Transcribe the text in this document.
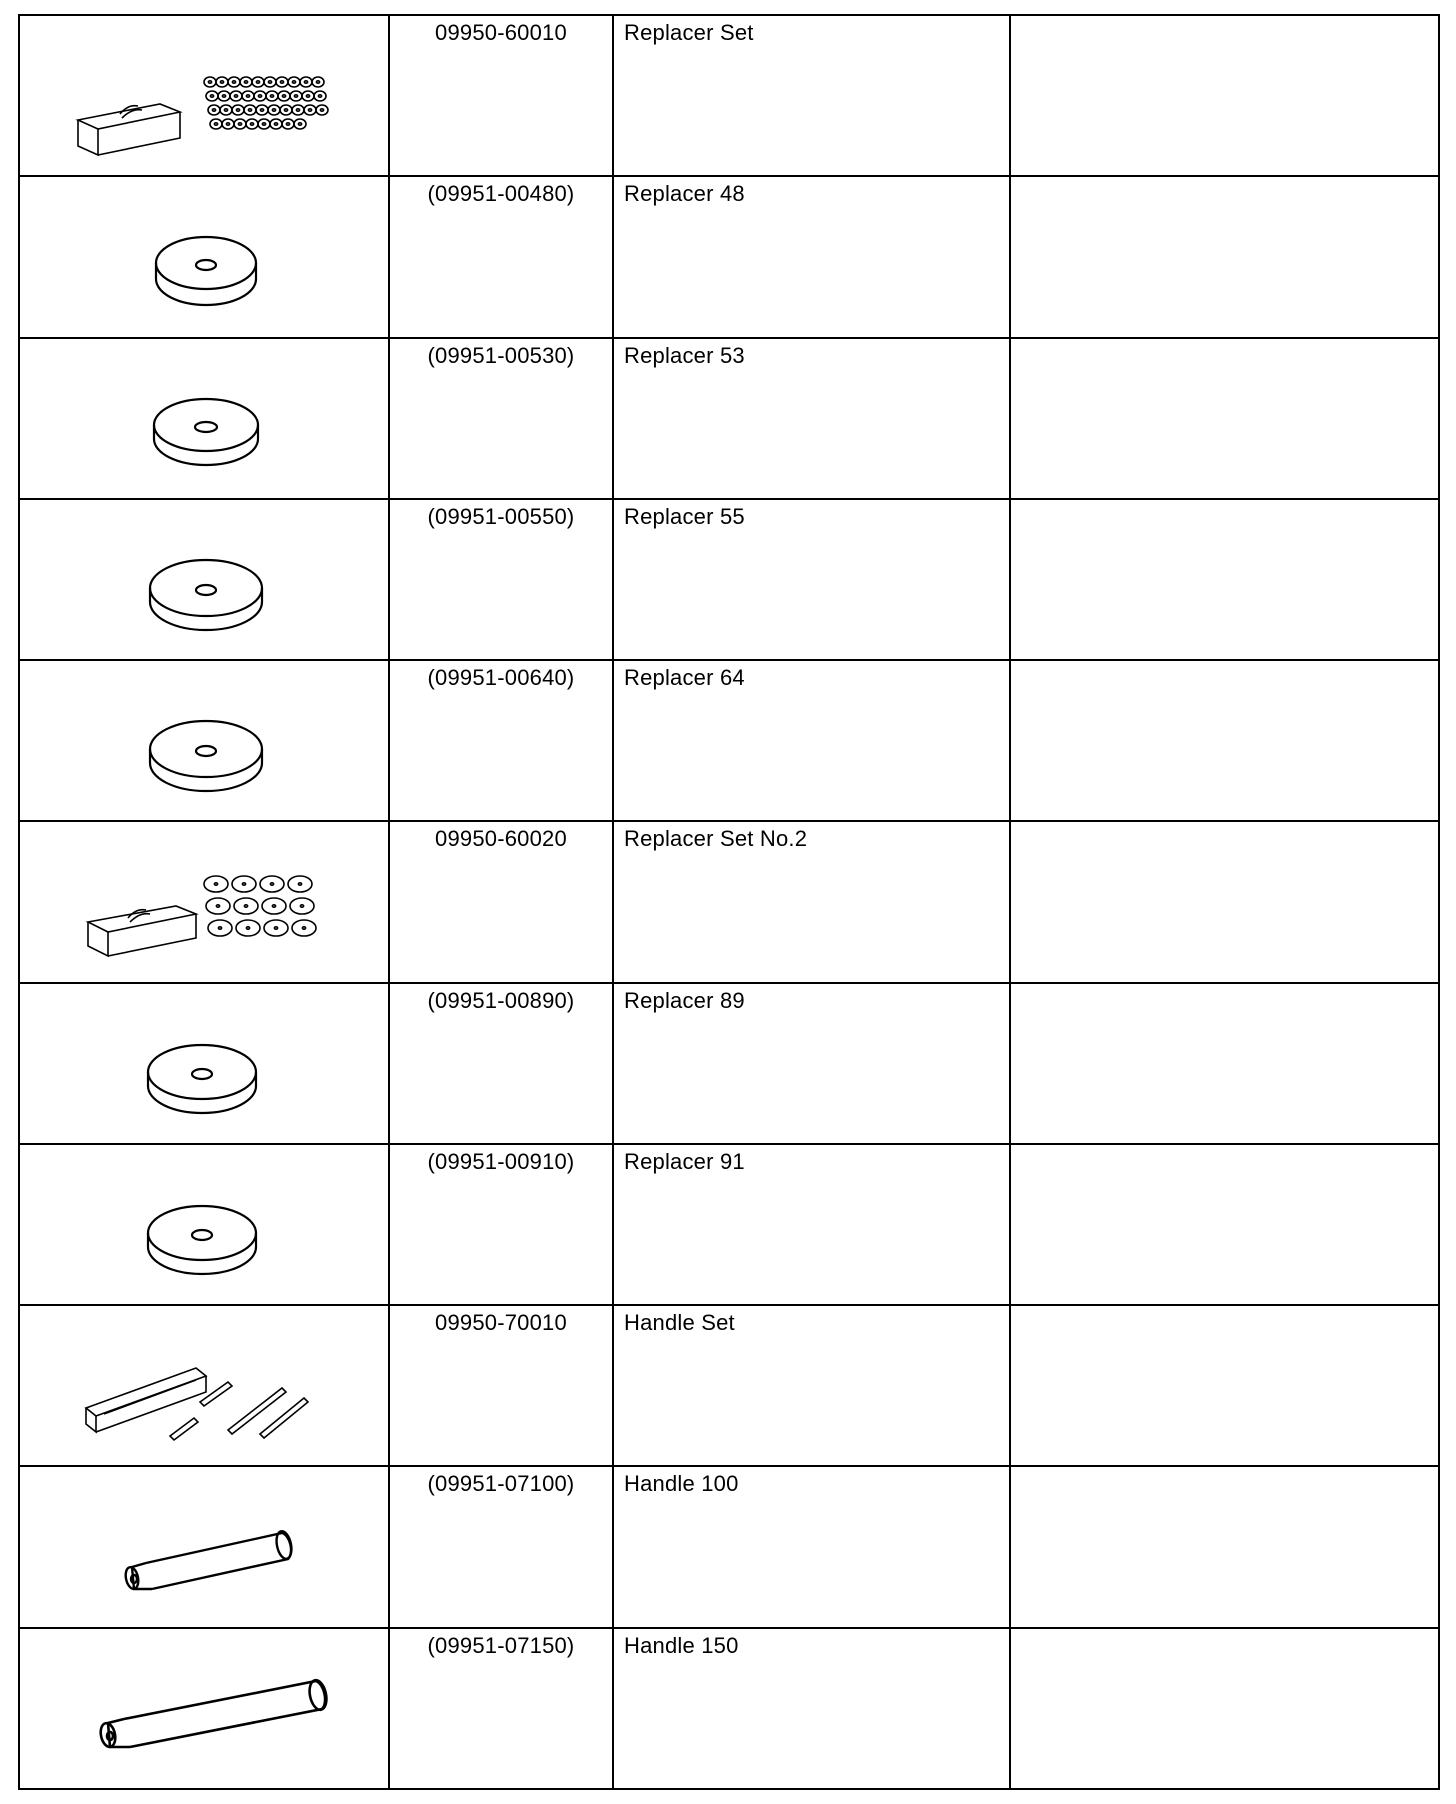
09950-60010	Replacer Set	

(09951-00480)	Replacer 48	

(09951-00530)	Replacer 53	

(09951-00550)	Replacer 55	

(09951-00640)	Replacer 64	

09950-60020	Replacer Set No.2	

(09951-00890)	Replacer 89	

(09951-00910)	Replacer 91	

09950-70010	Handle Set	

(09951-07100)	Handle 100	

(09951-07150)	Handle 150	
